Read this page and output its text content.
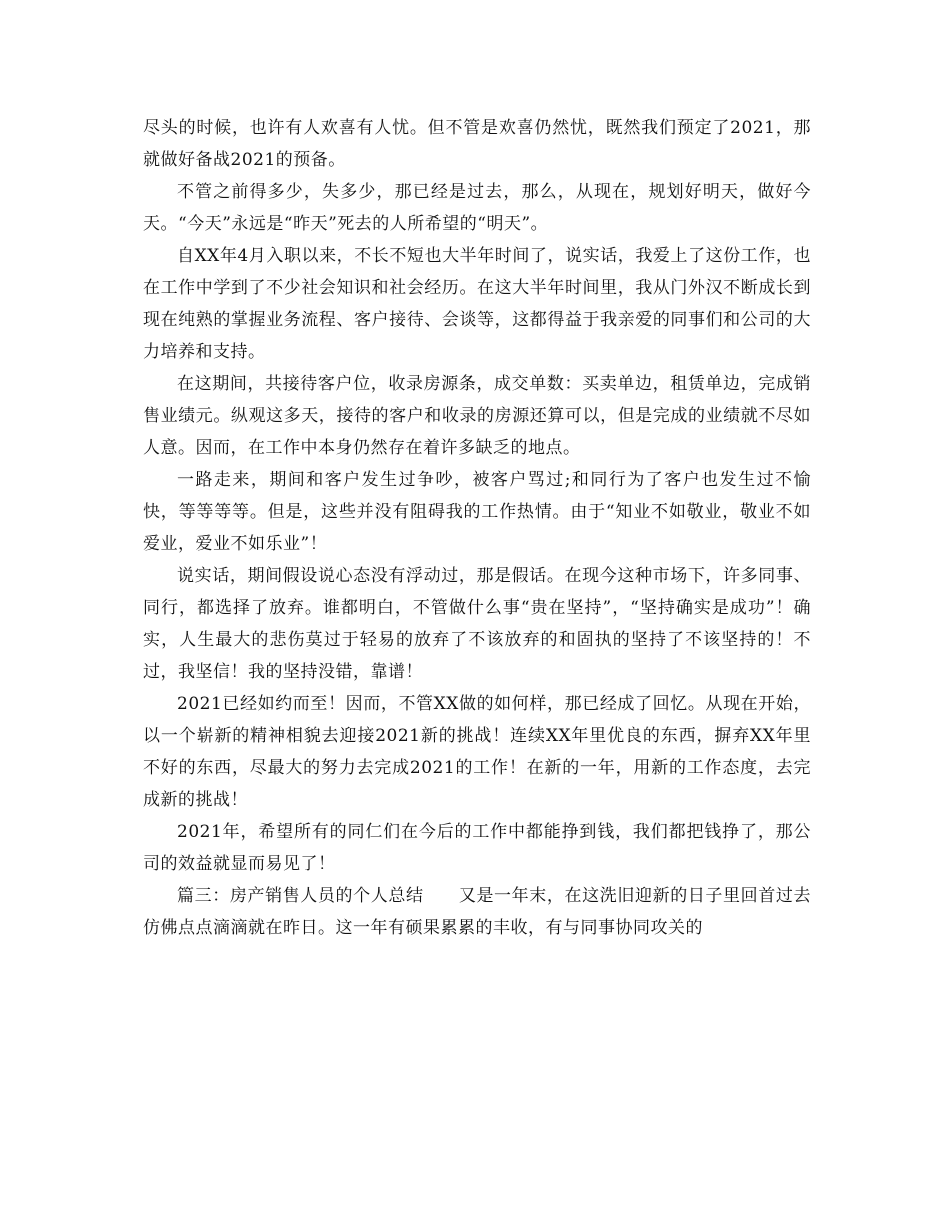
尽头的时候，也许有人欢喜有人忧。但不管是欢喜仍然忧，既然我们预定了2021，那就做好备战2021的预备。

不管之前得多少，失多少，那已经是过去，那么，从现在，规划好明天，做好今天。“今天”永远是“昨天”死去的人所希望的“明天”。

自XX年4月入职以来，不长不短也大半年时间了，说实话，我爱上了这份工作，也在工作中学到了不少社会知识和社会经历。在这大半年时间里，我从门外汉不断成长到现在纯熟的掌握业务流程、客户接待、会谈等，这都得益于我亲爱的同事们和公司的大力培养和支持。

在这期间，共接待客户位，收录房源条，成交单数：买卖单边，租赁单边，完成销售业绩元。纵观这多天，接待的客户和收录的房源还算可以，但是完成的业绩就不尽如人意。因而，在工作中本身仍然存在着许多缺乏的地点。

一路走来，期间和客户发生过争吵，被客户骂过;和同行为了客户也发生过不愉快，等等等等。但是，这些并没有阻碍我的工作热情。由于“知业不如敬业，敬业不如爱业，爱业不如乐业”！

说实话，期间假设说心态没有浮动过，那是假话。在现今这种市场下，许多同事、同行，都选择了放弃。谁都明白，不管做什么事“贵在坚持”，“坚持确实是成功”！确实，人生最大的悲伤莫过于轻易的放弃了不该放弃的和固执的坚持了不该坚持的！不过，我坚信！我的坚持没错，靠谱！

2021已经如约而至！因而，不管XX做的如何样，那已经成了回忆。从现在开始，以一个崭新的精神相貌去迎接2021新的挑战！连续XX年里优良的东西，摒弃XX年里不好的东西，尽最大的努力去完成2021的工作！在新的一年，用新的工作态度，去完成新的挑战！

2021年，希望所有的同仁们在今后的工作中都能挣到钱，我们都把钱挣了，那公司的效益就显而易见了！

篇三：房产销售人员的个人总结　　又是一年末，在这洗旧迎新的日子里回首过去仿佛点点滴滴就在昨日。这一年有硕果累累的丰收，有与同事协同攻关的
